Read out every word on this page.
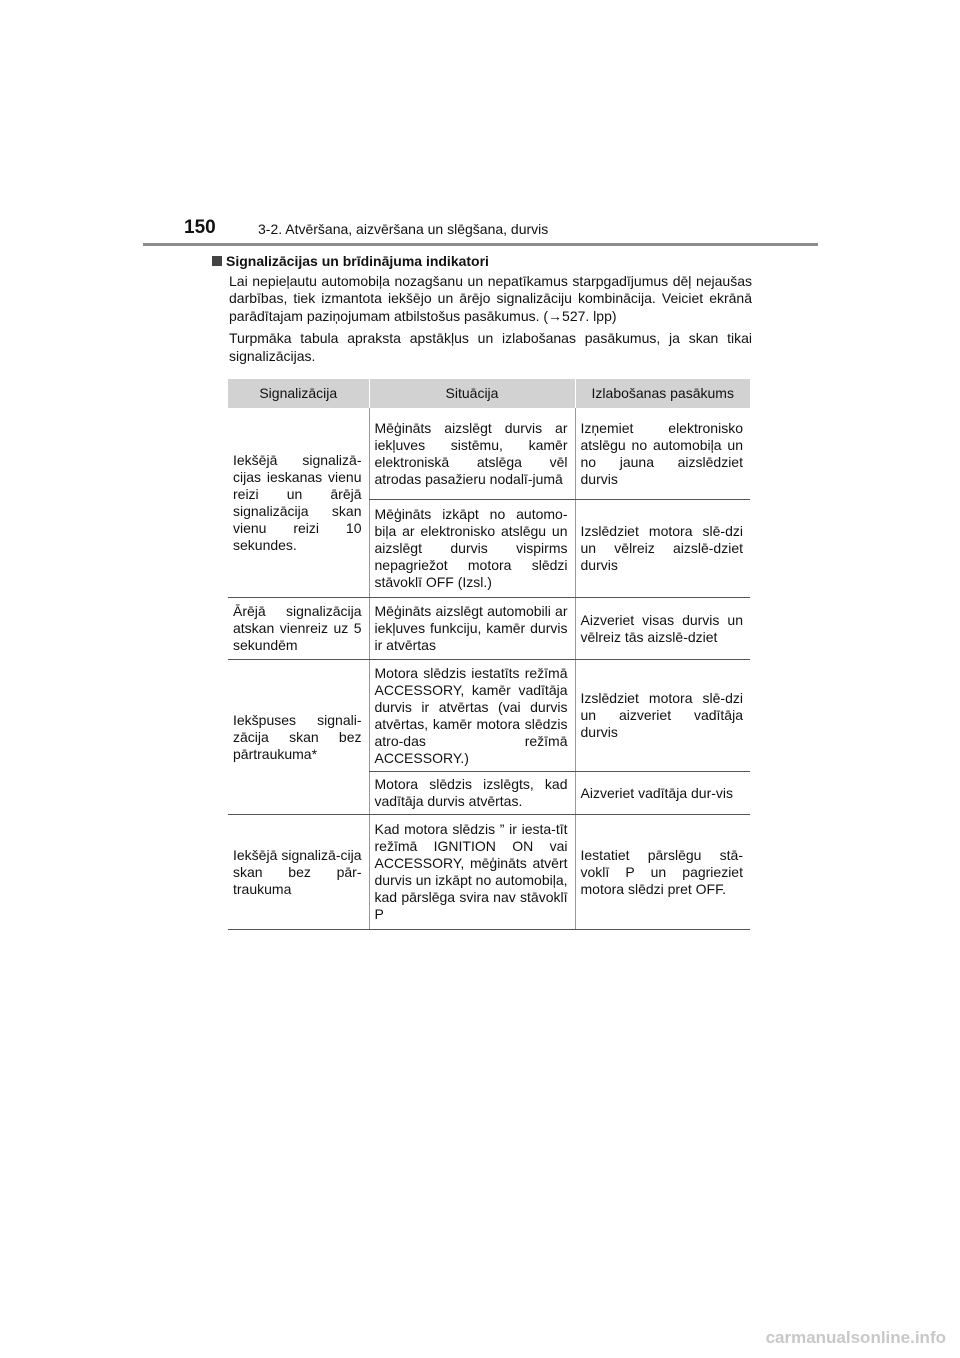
150	3-2. Atvēršana, aizvēršana un slēgšana, durvis
Signalizācijas un brīdinājuma indikatori

Lai nepieļautu automobiļa nozagšanu un nepatīkamus starpgadījumus dēļ nejaušas darbības, tiek izmantota iekšējo un ārējo signalizāciju kombinācija. Veiciet ekrānā parādītajam paziņojumam atbilstošus pasākumus. (→527. lpp)

Turpmāka tabula apraksta apstākļus un izlabošanas pasākumus, ja skan tikai signalizācijas.

Signalizācija	Situācija	Izlabošanas pasākums
Iekšējā signalizā-cijas ieskanas vienu reizi un ārējā signalizācija skan vienu reizi 10 sekundes.	Mēģināts aizslēgt durvis ar iekļuves sistēmu, kamēr elektroniskā atslēga vēl atrodas pasažieru nodalī-jumā	Izņemiet elektronisko atslēgu no automobiļa un no jauna aizslēdziet durvis
	Mēģināts izkāpt no automo-biļa ar elektronisko atslēgu un aizslēgt durvis vispirms nepagriežot motora slēdzi stāvoklī OFF (Izsl.)	Izslēdziet motora slē-dzi un vēlreiz aizslē-dziet durvis
Ārējā signalizācija atskan vienreiz uz 5 sekundēm	Mēģināts aizslēgt automobili ar iekļuves funkciju, kamēr durvis ir atvērtas	Aizveriet visas durvis un vēlreiz tās aizslē-dziet
Iekšpuses signali-zācija skan bez pārtraukuma*	Motora slēdzis iestatīts režīmā ACCESSORY, kamēr vadītāja durvis ir atvērtas (vai durvis atvērtas, kamēr motora slēdzis atro-das režīmā ACCESSORY.)	Izslēdziet motora slē-dzi un aizveriet vadītāja durvis
	Motora slēdzis izslēgts, kad vadītāja durvis atvērtas.	Aizveriet vadītāja dur-vis
Iekšējā signalizā-cija skan bez pār-traukuma	Kad motora slēdzis ” ir iesta-tīt režīmā IGNITION ON vai ACCESSORY, mēģināts atvērt durvis un izkāpt no automobiļa, kad pārslēga svira nav stāvoklī P	Iestatiet pārslēgu stā-voklī P un pagrieziet motora slēdzi pret OFF.
carmanualsonline.info
